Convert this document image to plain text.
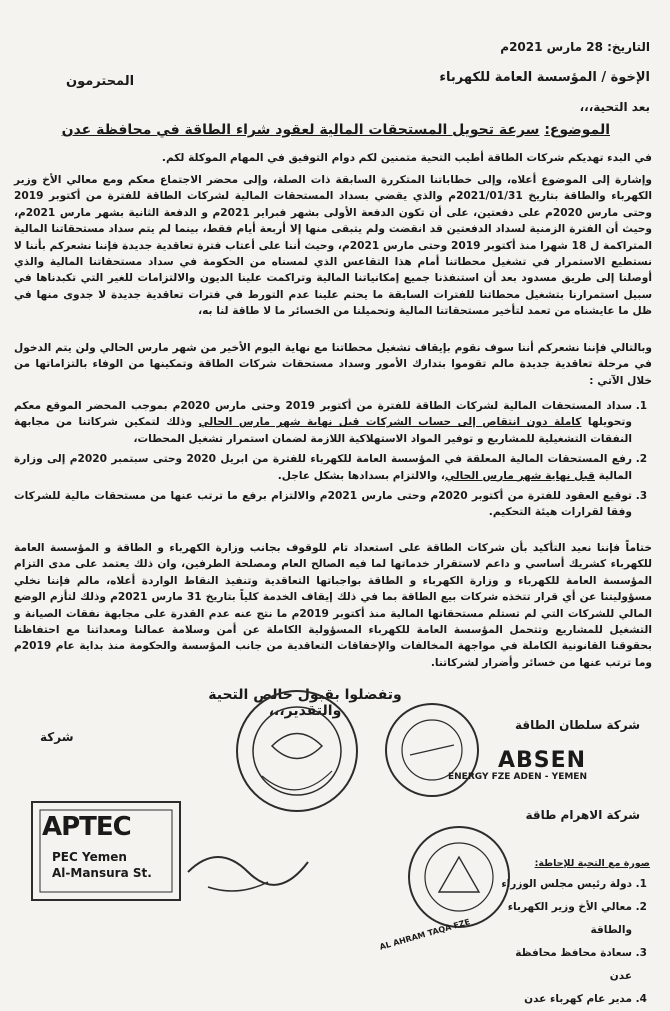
التاريخ: 28 مارس 2021م
الإخوة / المؤسسة العامة للكهرباء
المحترمون
بعد التحية،،،
الموضوع: سرعة تحويل المستحقات المالية لعقود شراء الطاقة في محافظة عدن
في البدء تهديكم شركات الطاقة أطيب التحية متمنين لكم دوام التوفيق في المهام الموكلة لكم.
وإشارة إلى الموضوع أعلاه، وإلى خطاباتنا المتكررة السابقة ذات الصلة، وإلى محضر الاجتماع معكم ومع معالي الأخ وزير الكهرباء والطاقة بتاريخ 2021/01/31م والذي يقضي بسداد المستحقات المالية لشركات الطاقة للفترة من أكتوبر 2019 وحتى مارس 2020م على دفعتين، على أن تكون الدفعة الأولى بشهر فبراير 2021م و الدفعة الثانية بشهر مارس 2021م، وحيث أن الفترة الزمنية لسداد الدفعتين قد انقضت ولم يتبقى منها إلا أربعة أيام فقط، بينما لم يتم سداد مستحقاتنا المالية المتراكمة ل 18 شهرا منذ أكتوبر 2019 وحتى مارس 2021م، وحيث أننا على أعتاب فترة تعاقدية جديدة فإننا نشعركم بأننا لا نستطيع الاستمرار في تشغيل محطاتنا أمام هذا التقاعس الذي لمسناه من الحكومة في سداد مستحقاتنا المالية والذي أوصلنا إلى طريق مسدود بعد أن استنفذنا جميع إمكانياتنا المالية وتراكمت علينا الديون والالتزامات للغير التي تكبدناها في سبيل استمرارنا بتشغيل محطاتنا للفترات السابقة ما يحتم علينا عدم التورط في فترات تعاقدية جديدة لا جدوى منها في ظل ما عايشناه من تعمد لتأخير مستحقاتنا المالية وتحميلنا من الخسائر ما لا طاقة لنا به،
وبالتالي فإننا نشعركم أننا سوف نقوم بإيقاف تشغيل محطاتنا مع نهاية اليوم الأخير من شهر مارس الحالي ولن يتم الدخول في مرحلة تعاقدية جديدة مالم تقوموا بتدارك الأمور وسداد مستحقات شركات الطاقة وتمكينها من الوفاء بالتزاماتها من خلال الآتي :
1. سداد المستحقات المالية لشركات الطاقة للفترة من أكتوبر 2019 وحتى مارس 2020م بموجب المحضر الموقع معكم وتحويلها كاملة دون انتقاص إلى حساب الشركات قبل نهاية شهر مارس الحالي وذلك لتمكين شركاتنا من مجابهة النفقات التشغيلية للمشاريع و توفير المواد الاستهلاكية اللازمة لضمان استمرار تشغيل المحطات،
2. رفع المستحقات المالية المعلقة في المؤسسة العامة للكهرباء للفترة من ابريل 2020 وحتى سبتمبر 2020م إلى وزارة المالية قبل نهاية شهر مارس الحالي، والالتزام بسدادها بشكل عاجل.
3. توقيع العقود للفترة من أكتوبر 2020م وحتى مارس 2021م والالتزام برفع ما ترتب عنها من مستحقات مالية للشركات وفقا لقرارات هيئة التحكيم.
ختاماً فإننا نعيد التأكيد بأن شركات الطاقة على استعداد تام للوقوف بجانب وزارة الكهرباء و الطاقة و المؤسسة العامة للكهرباء كشريك أساسي و داعم لاستقرار خدماتها لما فيه الصالح العام ومصلحة الطرفين، وان ذلك يعتمد على مدى التزام المؤسسة العامة للكهرباء و وزارة الكهرباء و الطاقة بواجباتها التعاقدية وتنفيذ النقاط الواردة أعلاه، مالم فإننا نخلي مسؤوليتنا عن أي قرار تتخذه شركات بيع الطاقة بما في ذلك إيقاف الخدمة كلياً بتاريخ 31 مارس 2021م وذلك لتأزم الوضع المالي للشركات التي لم تستلم مستحقاتها المالية منذ أكتوبر 2019م ما نتج عنه عدم القدرة على مجابهة نفقات الصيانة و التشغيل للمشاريع وتتحمل المؤسسة العامة للكهرباء المسؤولية الكاملة عن أمن وسلامة عمالنا ومعداتنا مع احتفاظنا بحقوقنا القانونية الكاملة في مواجهة المخالفات والإخفاقات التعاقدية من جانب المؤسسة والحكومة منذ بداية عام 2019م وما ترتب عنها من خسائر وأضرار لشركاتنا.
وتفضلوا بقبول خالص التحية والتقدير،،،
شركة سلطان الطاقة
شركة
ABSEN
ENERGY FZE ADEN - YEMEN
شركة الاهرام طاقة
AL AHRAM TAQA FZE
APTEC
PEC Yemen
Al-Mansura St.
صورة مع التحية للإحاطة:
1. دولة رئيس مجلس الوزراء
2. معالي الأخ وزير الكهرباء والطاقة
3. سعادة محافظ محافظة عدن
4. مدير عام كهرباء عدن
